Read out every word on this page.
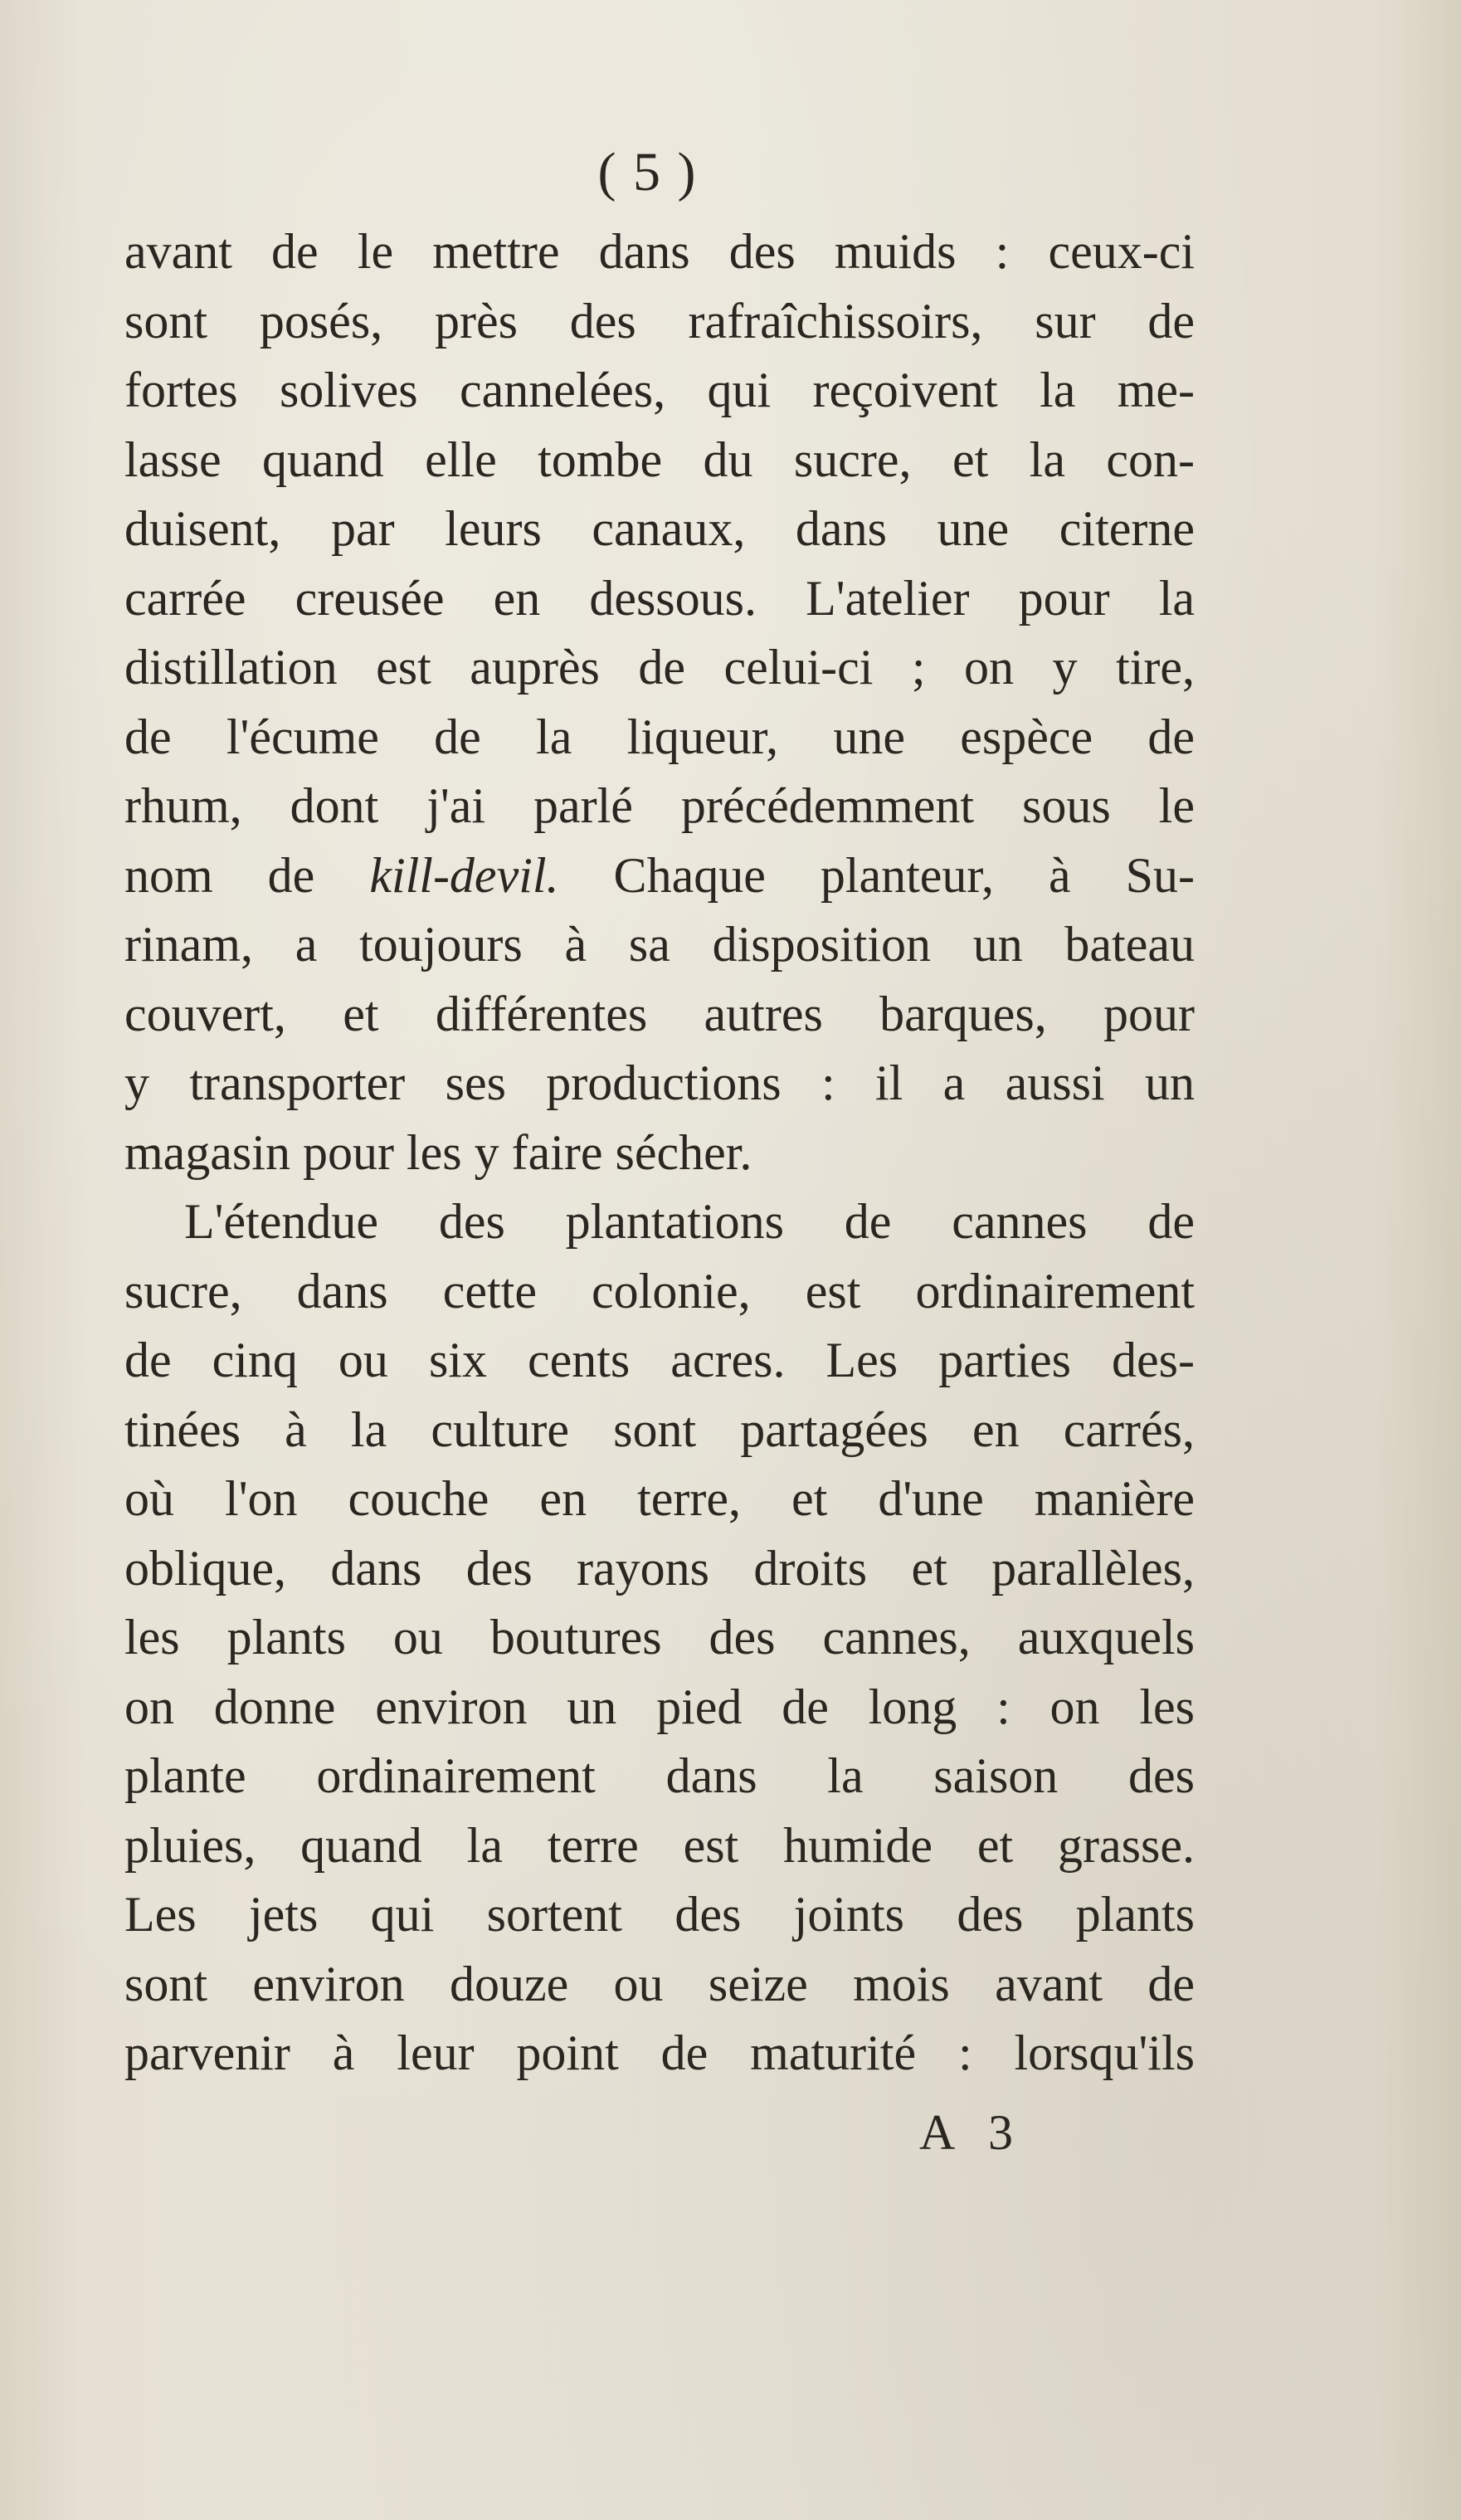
( 5 )
avant de le mettre dans des muids : ceux-ci
sont posés, près des rafraîchissoirs, sur de
fortes solives cannelées, qui reçoivent la me-
lasse quand elle tombe du sucre, et la con-
duisent, par leurs canaux, dans une citerne
carrée creusée en dessous. L'atelier pour la
distillation est auprès de celui-ci ; on y tire,
de l'écume de la liqueur, une espèce de
rhum, dont j'ai parlé précédemment sous le
nom de kill-devil. Chaque planteur, à Su-
rinam, a toujours à sa disposition un bateau
couvert, et différentes autres barques, pour
y transporter ses productions : il a aussi un
magasin pour les y faire sécher.
L'étendue des plantations de cannes de
sucre, dans cette colonie, est ordinairement
de cinq ou six cents acres. Les parties des-
tinées à la culture sont partagées en carrés,
où l'on couche en terre, et d'une manière
oblique, dans des rayons droits et parallèles,
les plants ou boutures des cannes, auxquels
on donne environ un pied de long : on les
plante ordinairement dans la saison des
pluies, quand la terre est humide et grasse.
Les jets qui sortent des joints des plants
sont environ douze ou seize mois avant de
parvenir à leur point de maturité : lorsqu'ils
A 3
